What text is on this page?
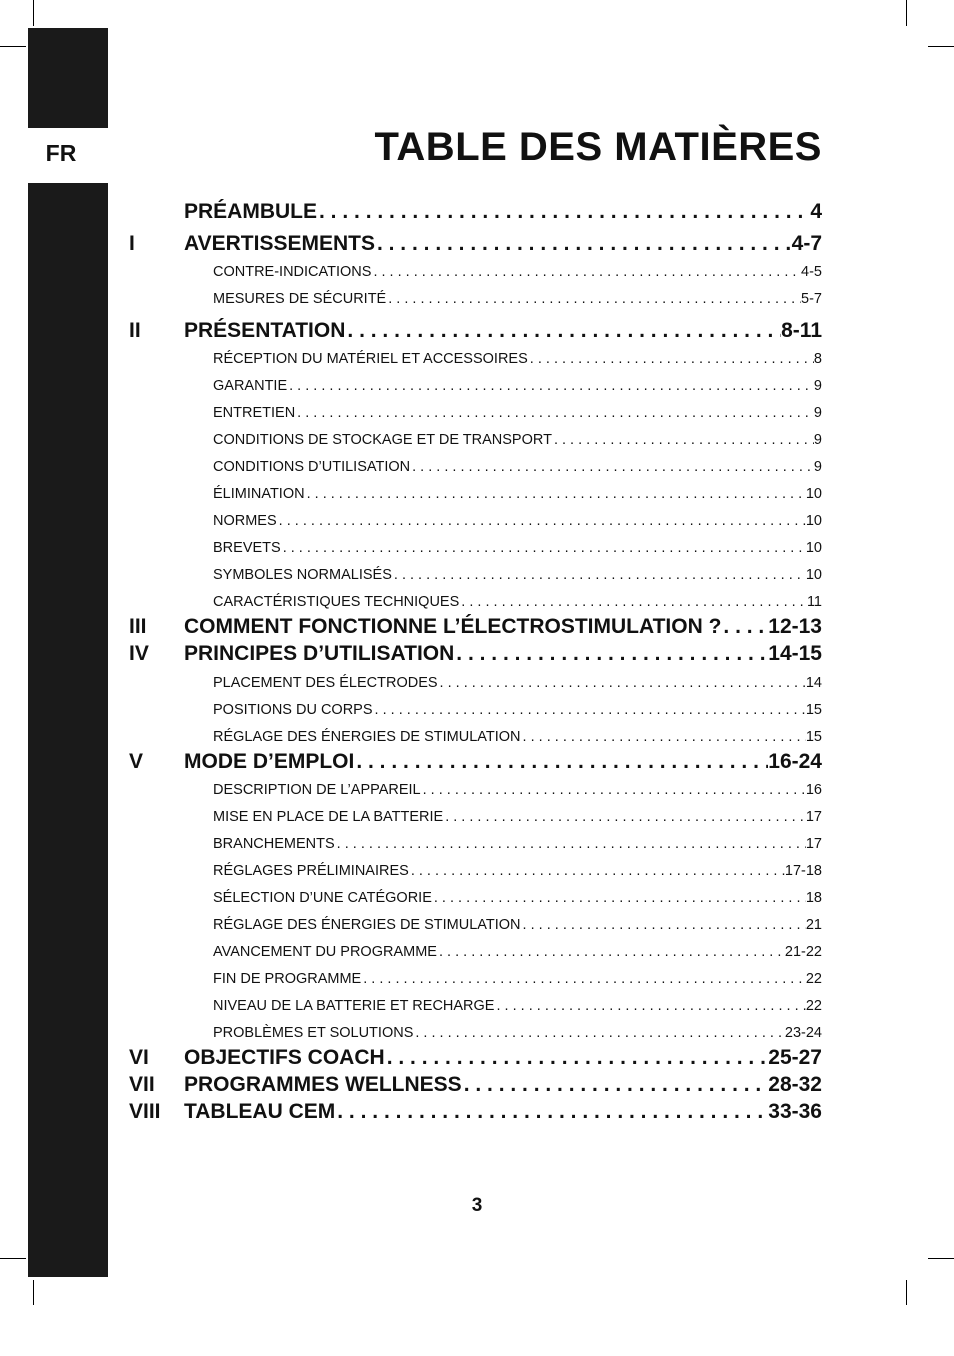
FR
Compex Fit - Manuel de l’Utilisateur
TABLE DES MATIÈRES
PRÉAMBULE . . .	4
I AVERTISSEMENTS . . .	4-7
CONTRE-INDICATIONS . . .	4-5
MESURES DE SÉCURITÉ . . .	5-7
II PRÉSENTATION . . .	8-11
RÉCEPTION DU MATÉRIEL ET ACCESSOIRES . . .	8
GARANTIE . . .	9
ENTRETIEN . . .	9
CONDITIONS DE STOCKAGE ET DE TRANSPORT . . .	9
CONDITIONS D’UTILISATION . . .	9
ÉLIMINATION . . .	10
NORMES . . .	10
BREVETS . . .	10
SYMBOLES NORMALISÉS . . .	10
CARACTÉRISTIQUES TECHNIQUES . . .	11
III COMMENT FONCTIONNE L’ÉLECTROSTIMULATION ? . . . 12-13
IV PRINCIPES D’UTILISATION . . .	14-15
PLACEMENT DES ÉLECTRODES . . .	14
POSITIONS DU CORPS . . .	15
RÉGLAGE DES ÉNERGIES DE STIMULATION . . .	15
V MODE D’EMPLOI . . .	16-24
DESCRIPTION DE L’APPAREIL . . .	16
MISE EN PLACE DE LA BATTERIE . . .	17
BRANCHEMENTS . . .	17
RÉGLAGES PRÉLIMINAIRES . . .	17-18
SÉLECTION D’UNE CATÉGORIE . . .	18
RÉGLAGE DES ÉNERGIES DE STIMULATION . . .	21
AVANCEMENT DU PROGRAMME . . .	21-22
FIN DE PROGRAMME . . .	22
NIVEAU DE LA BATTERIE ET RECHARGE . . .	22
PROBLÈMES ET SOLUTIONS . . .	23-24
VI OBJECTIFS COACH . . .	25-27
VII PROGRAMMES WELLNESS . . .	28-32
VIII TABLEAU CEM . . .	33-36
3
